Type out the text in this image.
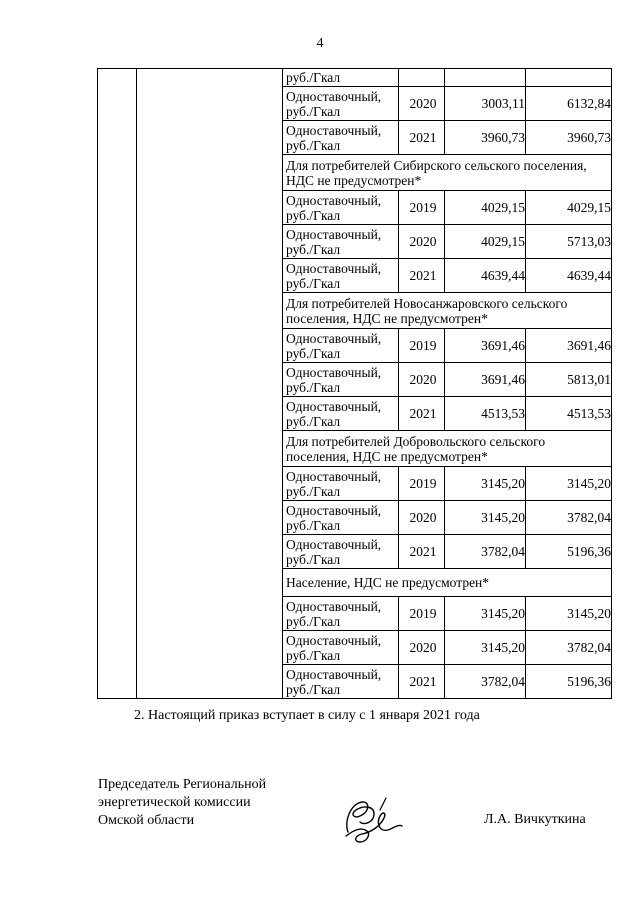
4
		руб./Гкал			
		Одноставочный, руб./Гкал	2020	3003,11	6132,84
		Одноставочный, руб./Гкал	2021	3960,73	3960,73
		Для потребителей Сибирского сельского поселения, НДС не предусмотрен*			
		Одноставочный, руб./Гкал	2019	4029,15	4029,15
		Одноставочный, руб./Гкал	2020	4029,15	5713,03
		Одноставочный, руб./Гкал	2021	4639,44	4639,44
		Для потребителей Новосанжаровского сельского поселения, НДС не предусмотрен*			
		Одноставочный, руб./Гкал	2019	3691,46	3691,46
		Одноставочный, руб./Гкал	2020	3691,46	5813,01
		Одноставочный, руб./Гкал	2021	4513,53	4513,53
		Для потребителей Добровольского сельского поселения, НДС не предусмотрен*			
		Одноставочный, руб./Гкал	2019	3145,20	3145,20
		Одноставочный, руб./Гкал	2020	3145,20	3782,04
		Одноставочный, руб./Гкал	2021	3782,04	5196,36
		Население, НДС не предусмотрен*			
		Одноставочный, руб./Гкал	2019	3145,20	3145,20
		Одноставочный, руб./Гкал	2020	3145,20	3782,04
		Одноставочный, руб./Гкал	2021	3782,04	5196,36
2. Настоящий приказ вступает в силу с 1 января 2021 года
Председатель Региональной
энергетической комиссии
Омской области	Л.А. Вичкуткина
